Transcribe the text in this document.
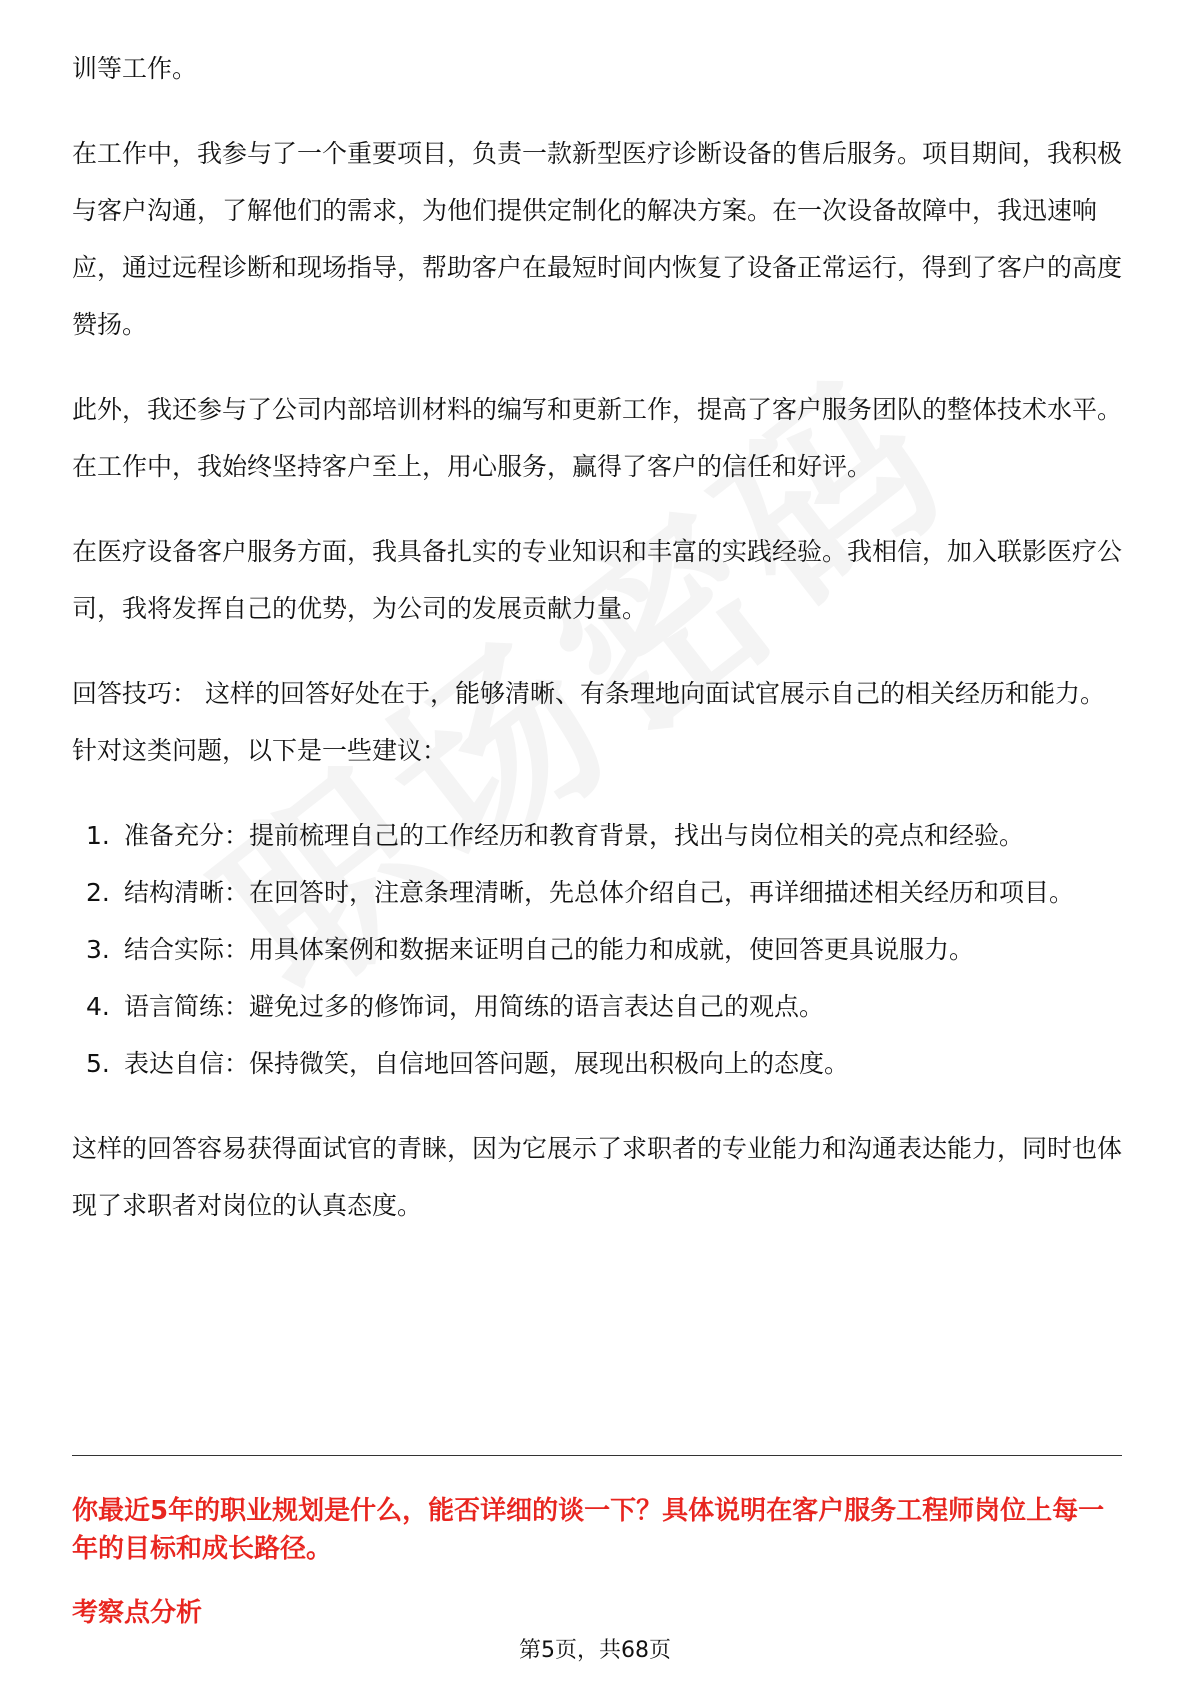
训等工作。

在工作中，我参与了一个重要项目，负责一款新型医疗诊断设备的售后服务。项目期间，我积极与客户沟通，了解他们的需求，为他们提供定制化的解决方案。在一次设备故障中，我迅速响应，通过远程诊断和现场指导，帮助客户在最短时间内恢复了设备正常运行，得到了客户的高度赞扬。

此外，我还参与了公司内部培训材料的编写和更新工作，提高了客户服务团队的整体技术水平。在工作中，我始终坚持客户至上，用心服务，赢得了客户的信任和好评。

在医疗设备客户服务方面，我具备扎实的专业知识和丰富的实践经验。我相信，加入联影医疗公司，我将发挥自己的优势，为公司的发展贡献力量。

回答技巧： 这样的回答好处在于，能够清晰、有条理地向面试官展示自己的相关经历和能力。针对这类问题，以下是一些建议：

1. 准备充分：提前梳理自己的工作经历和教育背景，找出与岗位相关的亮点和经验。
2. 结构清晰：在回答时，注意条理清晰，先总体介绍自己，再详细描述相关经历和项目。
3. 结合实际：用具体案例和数据来证明自己的能力和成就，使回答更具说服力。
4. 语言简练：避免过多的修饰词，用简练的语言表达自己的观点。
5. 表达自信：保持微笑，自信地回答问题，展现出积极向上的态度。

这样的回答容易获得面试官的青睐，因为它展示了求职者的专业能力和沟通表达能力，同时也体现了求职者对岗位的认真态度。

你最近5年的职业规划是什么，能否详细的谈一下？具体说明在客户服务工程师岗位上每一年的目标和成长路径。
考察点分析
第5页，共68页
